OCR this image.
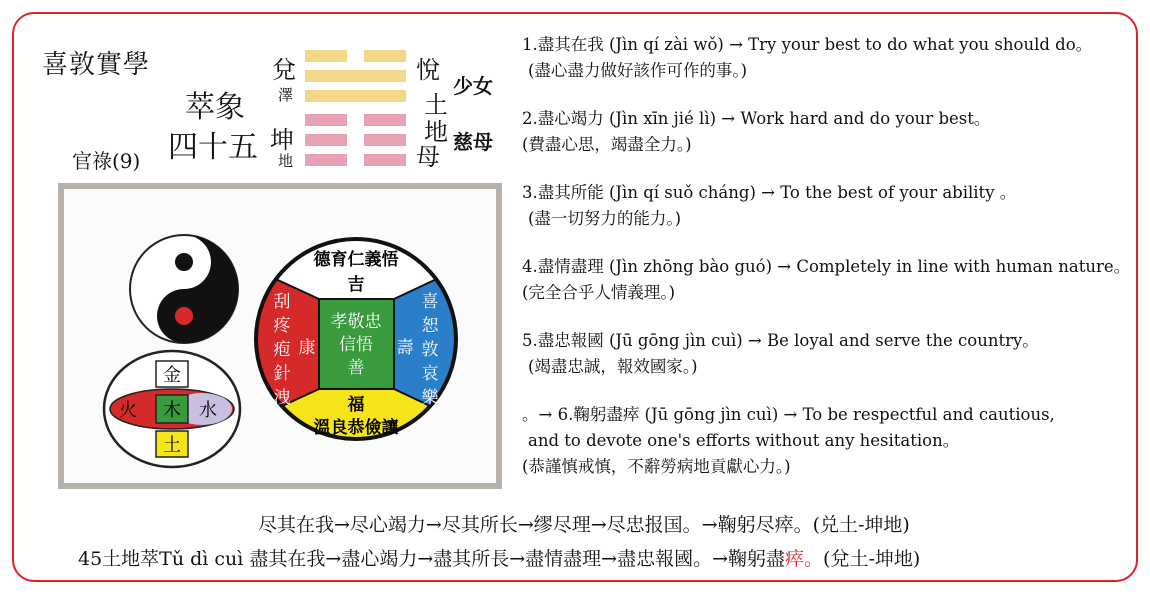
喜敦實學
萃象
四十五
官祿(9)
兌
澤
坤
地
悅
土
地
母
少女
慈母
金
木
火	水
土
德育仁義悟
吉
刮
疼
疱
針
洩
康
喜
恕
敦
哀
樂
壽
孝敬忠
信悟
善
福
溫良恭儉讓
1.盡其在我 (Jìn qí zài wǒ) → Try your best to do what you should do。
(盡心盡力做好該作可作的事。)
2.盡心竭力 (Jìn xīn jié lì) → Work hard and do your best。
(費盡心思，竭盡全力。)
3.盡其所能 (Jìn qí suǒ cháng) → To the best of your ability 。
(盡一切努力的能力。)
4.盡情盡理 (Jìn zhōng bào guó) → Completely in line with human nature。
(完全合乎人情義理。)
5.盡忠報國 (Jū gōng jìn cuì) → Be loyal and serve the country。
(竭盡忠誠，報效國家。)
。→ 6.鞠躬盡瘁 (Jū gōng jìn cuì) → To be respectful and cautious,
and to devote one's efforts without any hesitation。
(恭謹慎戒慎，不辭勞病地貢獻心力。)
尽其在我→尽心竭力→尽其所长→缪尽理→尽忠报国。→鞠躬尽瘁。(兑土-坤地)
45土地萃Tǔ dì cuì 盡其在我→盡心竭力→盡其所長→盡情盡理→盡忠報國。→鞠躬盡瘁。(兌土-坤地)
